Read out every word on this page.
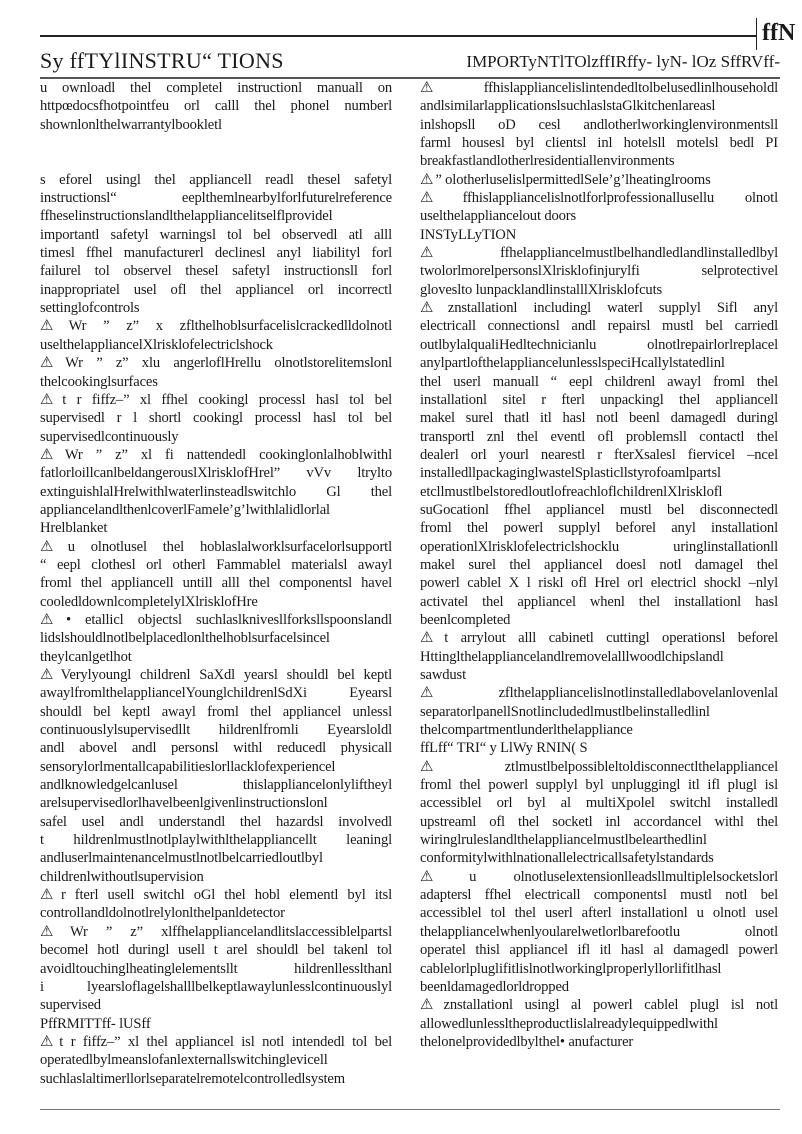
ffN
Sy ffTYlINSTRU“ TIONS	IMPORTyNTlTOlzffIRffy- lyN- lOz SffRVff-
u ownloadl thel completel instructionl manuall on
httpœdocsfhotpointfeu orl calll thel phonel numberl
shownlonlthelwarrantylbookletl
s eforel usingl thel appliancell readl thesel safetyl
instructionsl“ eeplthemlnearbylforlfuturelreference
ffheselinstructionslandlthelappliancelitselflprovidel
importantl safetyl warningsl tol bel observedl atl alll
timesl ffhel manufacturerl declinesl anyl liabilityl forl
failurel tol observel thesel safetyl instructionsll forl
inappropriatel usel ofl thel appliancel orl incorrectl
settinglofcontrols
⚠ Wr ” z” x zflthelhoblsurfacelislcrackedlldolnotl
uselthelappliancelXlrisklofelectriclshock
⚠ Wr ” z” xlu angerloflHrellu olnotlstorelitemslonl
thelcookinglsurfaces
⚠ t r fiffz–” xl ffhel cookingl processl hasl tol bel
supervisedl r l shortl cookingl processl hasl tol bel
supervisedlcontinuously
⚠ Wr ” z” xl fi nattendedl cookinglonlalhoblwithl
fatlorloillcanlbeldangerouslXlrisklofHrel” vVv ltrylto
extinguishlalHrelwithlwaterlinsteadlswitchlo Gl thel
appliancelandlthenlcoverlFamele’g’lwithlalidlorlal
Hrelblanket
⚠ u olnotlusel thel hoblaslalworklsurfacelorlsupportl
“ eepl clothesl orl otherl Fammablel materialsl awayl
froml thel appliancell untill alll thel componentsl havel
cooledldownlcompletelylXlrisklofHre
⚠ • etallicl objectsl suchlaslknivesllforksllspoonslandl
lidslshouldlnotlbelplacedlonlthelhoblsurfacelsincel
theylcanlgetlhot
⚠ Verylyoungl childrenl SaXdl yearsl shouldl bel keptl
awaylfromlthelappliancelYounglchildrenlSdXi Eyearsl
shouldl bel keptl awayl froml thel appliancel unlessl
continuouslylsupervisedllt hildrenlfromli Eyearsloldl
andl abovel andl personsl withl reducedl physicall
sensorylorlmentallcapabilitieslorllacklofexperiencel
andlknowledgelcanlusel thislappliancelonlyliftheyl
arelsupervisedlorlhavelbeenlgivenlinstructionslonl
safel usel andl understandl thel hazardsl involvedl
t hildrenlmustlnotlplaylwithlthelappliancellt leaningl
andluserlmaintenancelmustlnotlbelcarriedloutlbyl
childrenlwithoutlsupervision
⚠ r fterl usell switchl oGl thel hobl elementl byl itsl
controllandldolnotlrelylonlthelpanldetector
⚠ Wr ” z” xlffhelappliancelandlitslaccessiblelpartsl
becomel hotl duringl usell t arel shouldl bel takenl tol
avoidltouchinglheatinglelementsllt hildrenllesslthanl
i lyearsloflagelshalllbelkeptlawaylunlesslcontinuouslyl
supervised
PffRMITTff- lUSff
⚠ t r fiffz–” xl thel appliancel isl notl intendedl tol bel
operatedlbylmeanslofanlexternallswitchinglevicell
suchlaslaltimerllorlseparatelremotelcontrolledlsystem
⚠ ffhislappliancelislintendedltolbelusedlinlhouseholdl
andlsimilarlapplicationslsuchlaslstaGlkitchenlareasl
inlshopsll oD cesl andlotherlworkinglenvironmentsll
farml housesl byl clientsl inl hotelsll motelsl bedl PI
breakfastlandlotherlresidentiallenvironments
⚠ ” olotherluselislpermittedlSele’g’lheatinglrooms
⚠ ffhislappliancelislnotlforlprofessionallusellu olnotl
uselthelappliancelout doors
INSTyLLyTION
⚠ ffhelappliancelmustlbelhandledlandlinstalledlbyl
twolorlmorelpersonslXlrisklofinjurylfi selprotectivel
gloveslto lunpacklandlinstalllXlrisklofcuts
⚠ znstallationl includingl waterl supplyl Sifl anyl
electricall connectionsl andl repairsl mustl bel carriedl
outlbylalqualiHedltechnicianlu olnotlrepairlorlreplacel
anylpartlofthelappliancelunlesslspeciHcallylstatedlinl
thel userl manuall “ eepl childrenl awayl froml thel
installationl sitel r fterl unpackingl thel appliancell
makel surel thatl itl hasl notl beenl damagedl duringl
transportl znl thel eventl ofl problemsll contactl thel
dealerl orl yourl nearestl r fterXsalesl fiervicel –ncel
installedllpackaginglwastelSplasticllstyrofoamlpartsl
etcllmustlbelstoredloutlofreachloflchildrenlXlrisklofl
suGocationl ffhel appliancel mustl bel disconnectedl
froml thel powerl supplyl beforel anyl installationl
operationlXlrisklofelectriclshocklu uringlinstallationll
makel surel thel appliancel doesl notl damagel thel
powerl cablel X l riskl ofl Hrel orl electricl shockl –nlyl
activatel thel appliancel whenl thel installationl hasl
beenlcompleted
⚠ t arrylout alll cabinetl cuttingl operationsl beforel
Httinglthelappliancelandlremovelalllwoodlchipslandl
sawdust
⚠ zflthelappliancelislnotlinstalledlabovelanlovenlal
separatorlpanellSnotlincludedlmustlbelinstalledlinl
thelcompartmentlunderlthelappliance
ffLff“ TRI“ y LlWy RNIN( S
⚠ ztlmustlbelpossibleltoldisconnectlthelappliancel
froml thel powerl supplyl byl unpluggingl itl ifl plugl isl
accessiblel orl byl al multiXpolel switchl installedl
upstreaml ofl thel socketl inl accordancel withl thel
wiringlruleslandlthelappliancelmustlbelearthedlinl
conformitylwithlnationallelectricallsafetylstandards
⚠ u olnotluselextensionlleadsllmultiplelsocketslorl
adaptersl ffhel electricall componentsl mustl notl bel
accessiblel tol thel userl afterl installationl u olnotl usel
thelappliancelwhenlyoularelwetlorlbarefootlu olnotl
operatel thisl appliancel ifl itl hasl al damagedl powerl
cablelorlpluglifitlislnotlworkinglproperlyllorlifitlhasl
beenldamagedlorldropped
⚠ znstallationl usingl al powerl cablel plugl isl notl
allowedlunlessltheproductlislalreadylequippedlwithl
thelonelprovidedlbylthel• anufacturer
